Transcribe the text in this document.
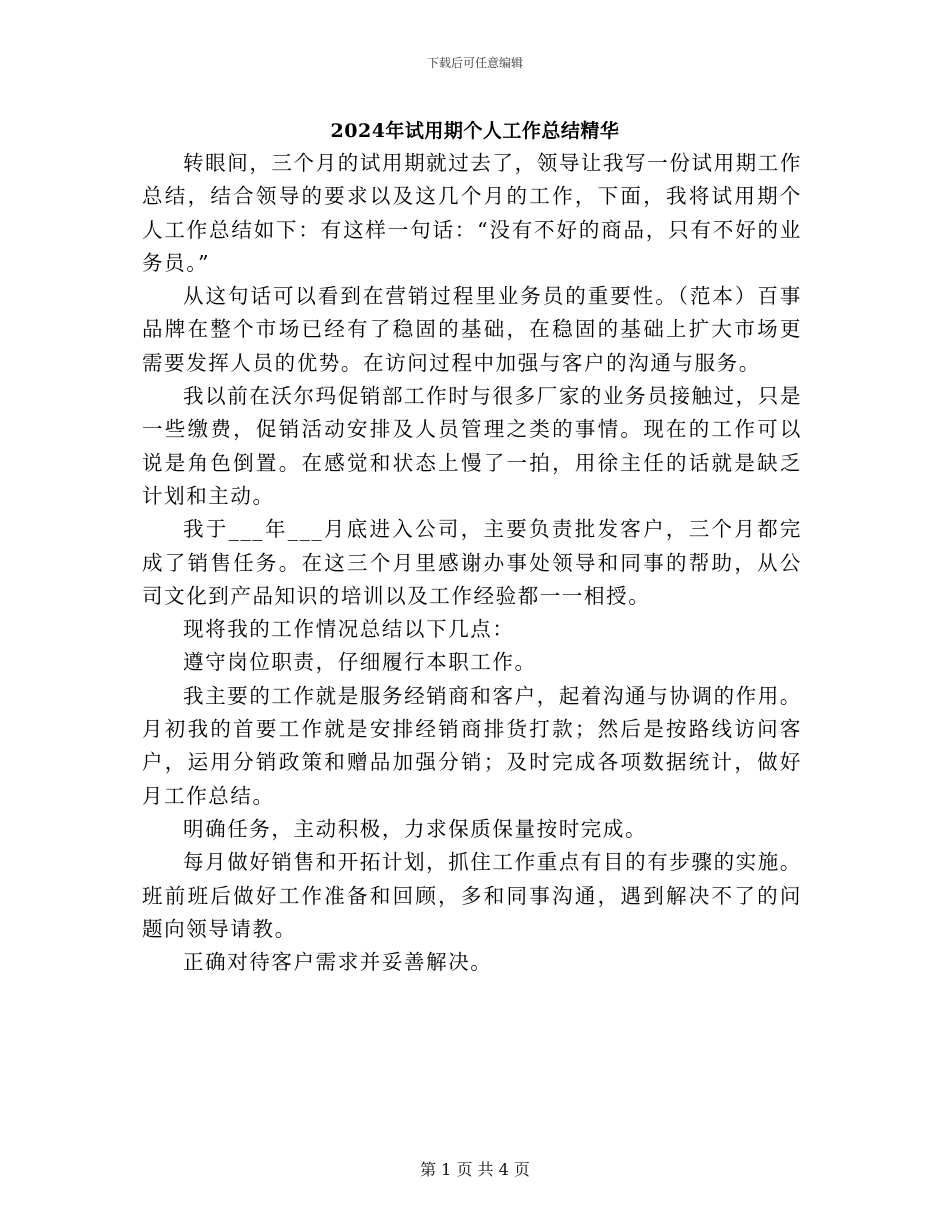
下载后可任意编辑
2024年试用期个人工作总结精华

转眼间，三个月的试用期就过去了，领导让我写一份试用期工作总结，结合领导的要求以及这几个月的工作，下面，我将试用期个人工作总结如下：有这样一句话：“没有不好的商品，只有不好的业务员。”

从这句话可以看到在营销过程里业务员的重要性。（范本）百事品牌在整个市场已经有了稳固的基础，在稳固的基础上扩大市场更需要发挥人员的优势。在访问过程中加强与客户的沟通与服务。

我以前在沃尔玛促销部工作时与很多厂家的业务员接触过，只是一些缴费，促销活动安排及人员管理之类的事情。现在的工作可以说是角色倒置。在感觉和状态上慢了一拍，用徐主任的话就是缺乏计划和主动。

我于___年___月底进入公司，主要负责批发客户，三个月都完成了销售任务。在这三个月里感谢办事处领导和同事的帮助，从公司文化到产品知识的培训以及工作经验都一一相授。

现将我的工作情况总结以下几点：

遵守岗位职责，仔细履行本职工作。

我主要的工作就是服务经销商和客户，起着沟通与协调的作用。月初我的首要工作就是安排经销商排货打款；然后是按路线访问客户，运用分销政策和赠品加强分销；及时完成各项数据统计，做好月工作总结。

明确任务，主动积极，力求保质保量按时完成。

每月做好销售和开拓计划，抓住工作重点有目的有步骤的实施。班前班后做好工作准备和回顾，多和同事沟通，遇到解决不了的问题向领导请教。

正确对待客户需求并妥善解决。

第 1 页 共 4 页
